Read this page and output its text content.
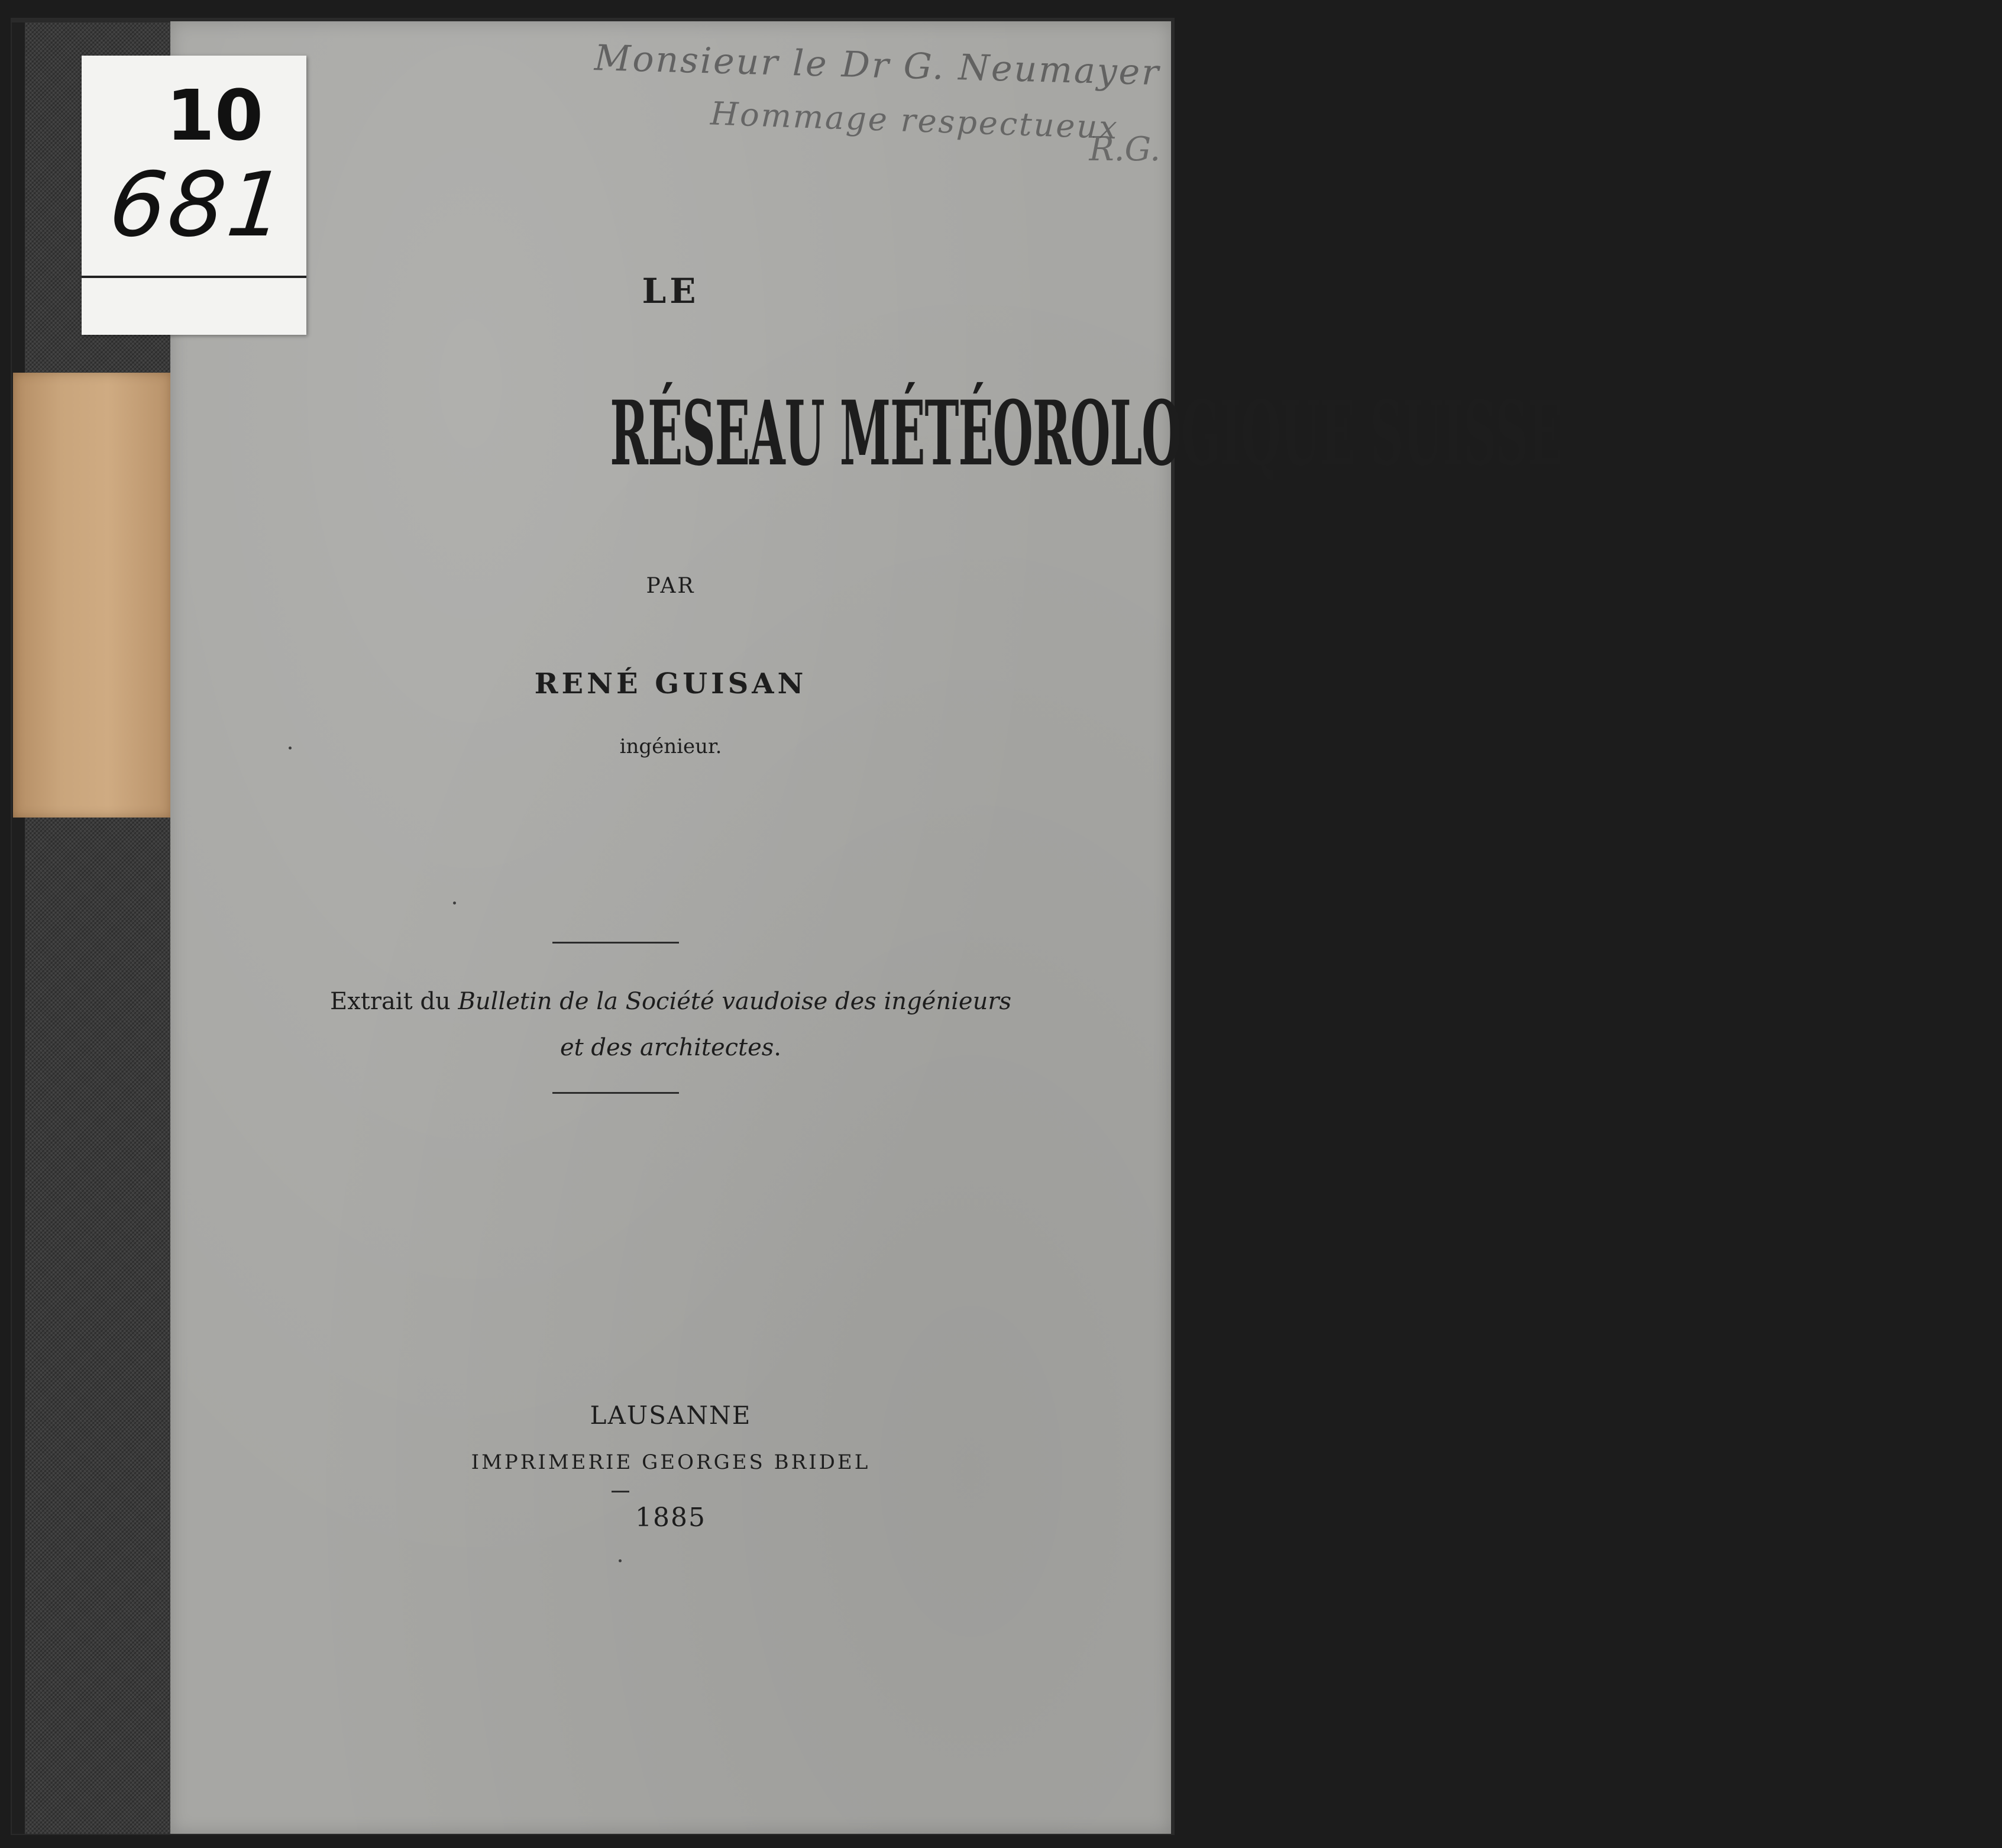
10
681
Monsieur le Dr G. Neumayer
Hommage respectueux
R.G.
LE
RÉSEAU MÉTÉOROLOGIQUE SUISSE
PAR
RENÉ GUISAN
ingénieur.
Extrait du Bulletin de la Société vaudoise des ingénieurs
et des architectes.
LAUSANNE
IMPRIMERIE GEORGES BRIDEL
1885
